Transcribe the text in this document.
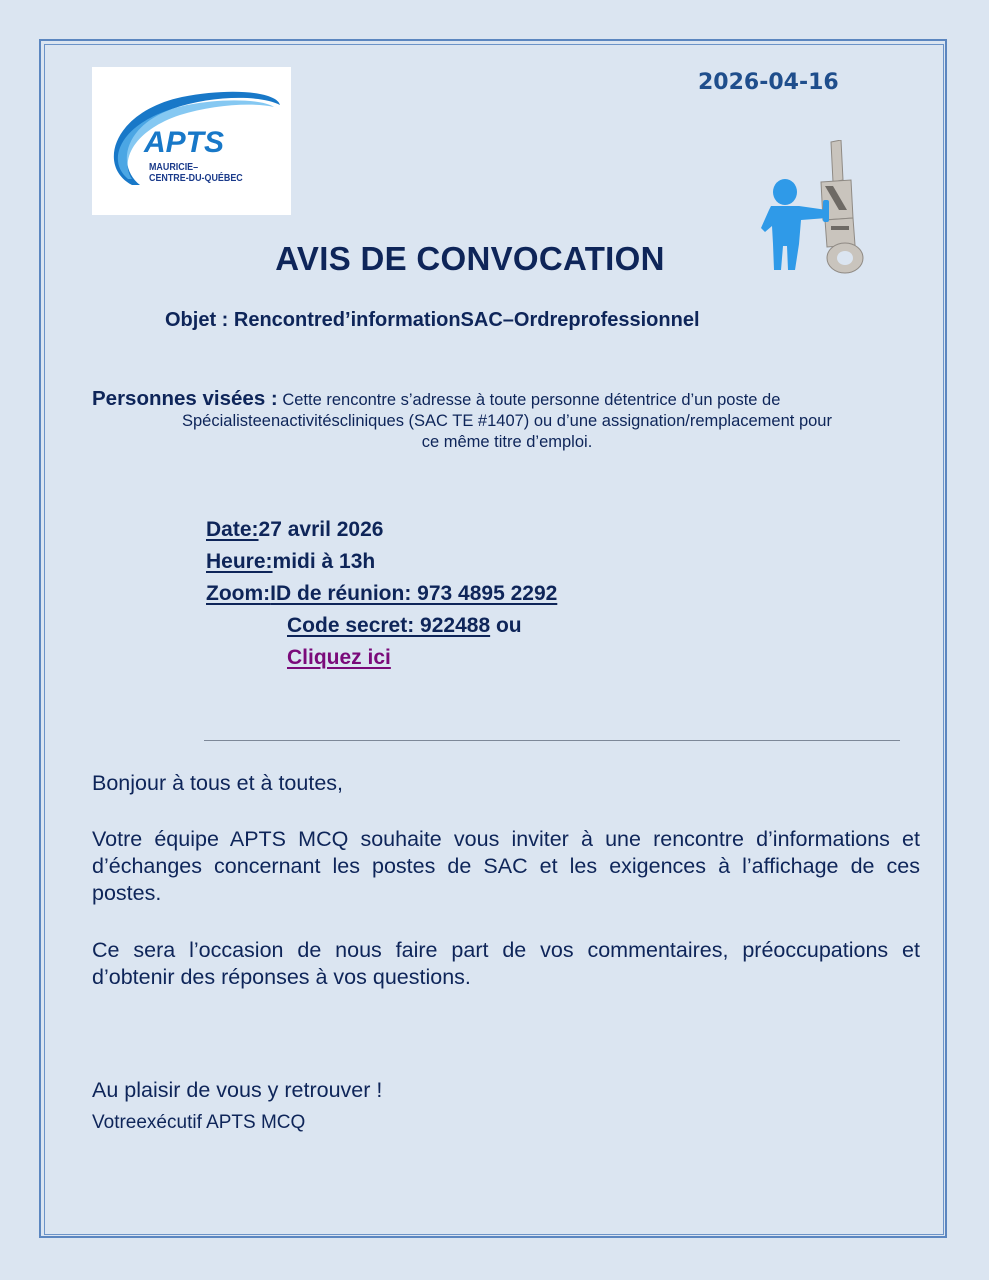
APTS
MAURICIE–
CENTRE-DU-QUÉBEC
2026-04-16
AVIS DE CONVOCATION
Objet : Rencontred’informationSAC–Ordreprofessionnel
Personnes visées : Cette rencontre s’adresse à toute personne détentrice d’un poste de
Spécialisteenactivitéscliniques (SAC TE #1407) ou d’une assignation/remplacement pour
ce même titre d’emploi.
Date:27 avril 2026
Heure:midi à 13h
Zoom:ID de réunion: 973 4895 2292
Code secret: 922488 ou
Cliquez ici
Bonjour à tous et à toutes,
Votre équipe APTS MCQ souhaite vous inviter à une rencontre d’informations et d’échanges concernant les postes de SAC et les exigences à l’affichage de ces postes.
Ce sera l’occasion de nous faire part de vos commentaires, préoccupations et d’obtenir des réponses à vos questions.
Au plaisir de vous y retrouver !
Votreexécutif APTS MCQ
